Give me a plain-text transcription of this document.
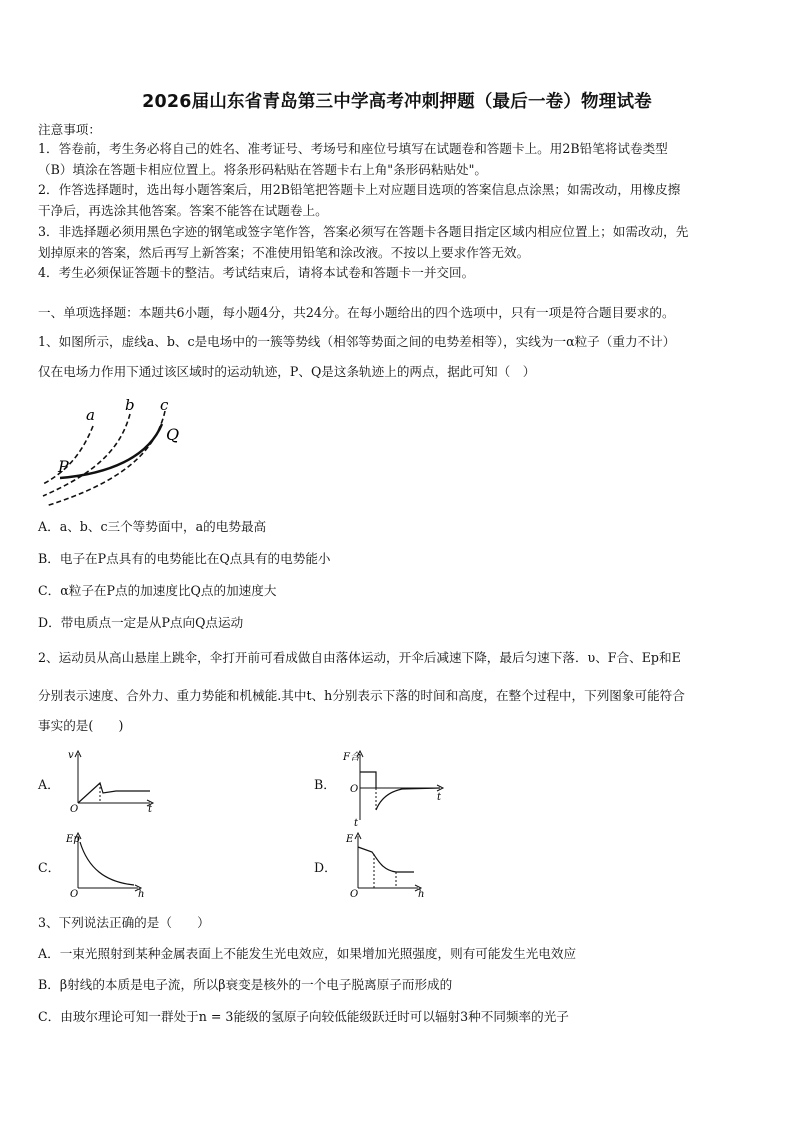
2026届山东省青岛第三中学高考冲刺押题（最后一卷）物理试卷
注意事项：
1．答卷前，考生务必将自己的姓名、准考证号、考场号和座位号填写在试题卷和答题卡上。用2B铅笔将试卷类型
（B）填涂在答题卡相应位置上。将条形码粘贴在答题卡右上角"条形码粘贴处"。
2．作答选择题时，选出每小题答案后，用2B铅笔把答题卡上对应题目选项的答案信息点涂黑；如需改动，用橡皮擦
干净后，再选涂其他答案。答案不能答在试题卷上。
3．非选择题必须用黑色字迹的钢笔或签字笔作答，答案必须写在答题卡各题目指定区域内相应位置上；如需改动，先
划掉原来的答案，然后再写上新答案；不准使用铅笔和涂改液。不按以上要求作答无效。
4．考生必须保证答题卡的整洁。考试结束后，请将本试卷和答题卡一并交回。
一、单项选择题：本题共6小题，每小题4分，共24分。在每小题给出的四个选项中，只有一项是符合题目要求的。
1、如图所示，虚线a、b、c是电场中的一簇等势线（相邻等势面之间的电势差相等），实线为一α粒子（重力不计）
仅在电场力作用下通过该区域时的运动轨迹，P、Q是这条轨迹上的两点，据此可知（　）
a
b c
Q
P
A．a、b、c三个等势面中，a的电势最高
B．电子在P点具有的电势能比在Q点具有的电势能小
C．α粒子在P点的加速度比Q点的加速度大
D．带电质点一定是从P点向Q点运动
2、运动员从高山悬崖上跳伞，伞打开前可看成做自由落体运动，开伞后减速下降，最后匀速下落．υ、F合、Ep和E
分别表示速度、合外力、重力势能和机械能.其中t、h分别表示下落的时间和高度，在整个过程中，下列图象可能符合
事实的是(　　)
A．	B．
C．	D．
v
t
O
F合
t
O
t
Ep
h
O
E
h
O
3、下列说法正确的是（　　）
A．一束光照射到某种金属表面上不能发生光电效应，如果增加光照强度，则有可能发生光电效应
B．β射线的本质是电子流，所以β衰变是核外的一个电子脱离原子而形成的
C．由玻尔理论可知一群处于n = 3能级的氢原子向较低能级跃迁时可以辐射3种不同频率的光子
